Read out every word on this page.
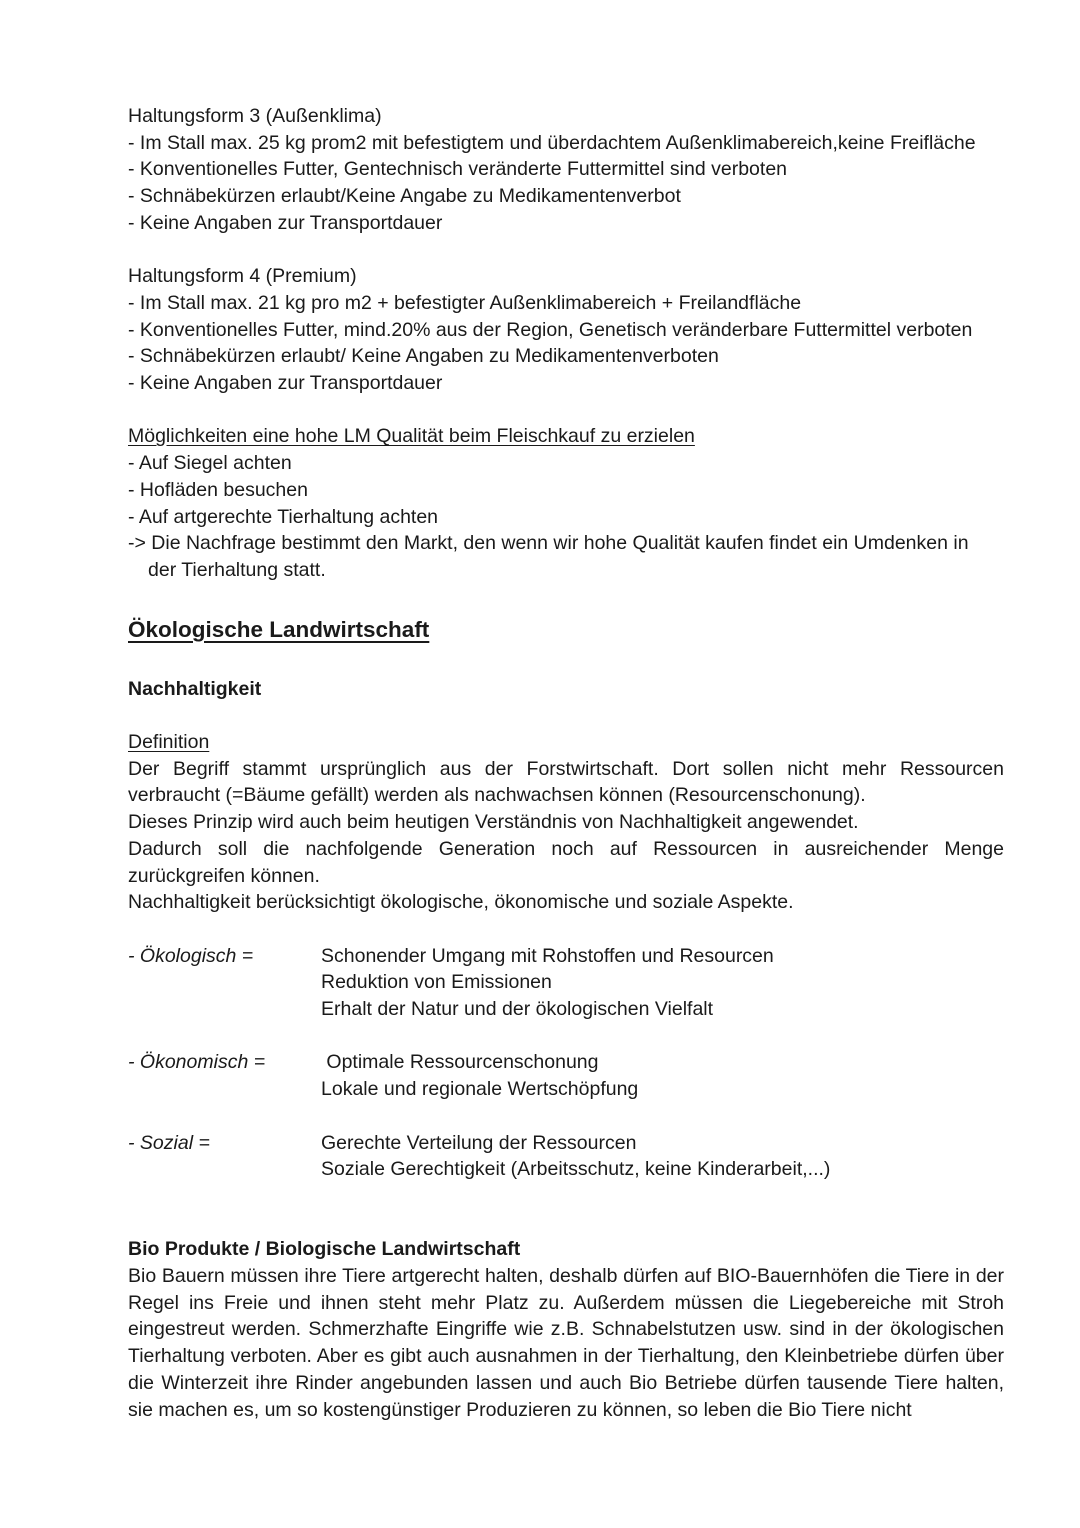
Haltungsform 3 (Außenklima)
- Im Stall max. 25 kg prom2 mit befestigtem und überdachtem Außenklimabereich,keine Freifläche
- Konventionelles Futter, Gentechnisch veränderte Futtermittel sind verboten
- Schnäbekürzen erlaubt/Keine Angabe zu Medikamentenverbot
- Keine Angaben zur Transportdauer
Haltungsform 4 (Premium)
- Im Stall max. 21 kg pro m2 + befestigter Außenklimabereich + Freilandfläche
- Konventionelles Futter, mind.20% aus der Region, Genetisch veränderbare Futtermittel verboten
- Schnäbekürzen erlaubt/ Keine Angaben zu Medikamentenverboten
- Keine Angaben zur Transportdauer
Möglichkeiten eine hohe LM Qualität beim Fleischkauf zu erzielen
- Auf Siegel achten
- Hofläden besuchen
- Auf artgerechte Tierhaltung achten
-> Die Nachfrage bestimmt den Markt, den wenn wir hohe Qualität kaufen findet ein Umdenken in
der Tierhaltung statt.
Ökologische Landwirtschaft
Nachhaltigkeit
Definition
Der Begriff stammt ursprünglich aus der Forstwirtschaft. Dort sollen nicht mehr Ressourcen
verbraucht (=Bäume gefällt) werden als nachwachsen können (Resourcenschonung).
Dieses Prinzip wird auch beim heutigen Verständnis von Nachhaltigkeit angewendet.
Dadurch soll die nachfolgende Generation noch auf Ressourcen in ausreichender Menge
zurückgreifen können.
Nachhaltigkeit berücksichtigt ökologische, ökonomische und soziale Aspekte.
- Ökologisch =	Schonender Umgang mit Rohstoffen und Resourcen
Reduktion von Emissionen
Erhalt der Natur und der ökologischen Vielfalt
- Ökonomisch =	Optimale Ressourcenschonung
Lokale und regionale Wertschöpfung
- Sozial =	Gerechte Verteilung der Ressourcen
Soziale Gerechtigkeit (Arbeitsschutz, keine Kinderarbeit,...)
Bio Produkte / Biologische Landwirtschaft

Bio Bauern müssen ihre Tiere artgerecht halten, deshalb dürfen auf BIO-Bauernhöfen die Tiere in der Regel ins Freie und ihnen steht mehr Platz zu. Außerdem müssen die Liegebereiche mit Stroh eingestreut werden. Schmerzhafte Eingriffe wie z.B. Schnabelstutzen usw. sind in der ökologischen Tierhaltung verboten. Aber es gibt auch ausnahmen in der Tierhaltung, den Kleinbetriebe dürfen über die Winterzeit ihre Rinder angebunden lassen und auch Bio Betriebe dürfen tausende Tiere halten, sie machen es, um so kostengünstiger Produzieren zu können, so leben die Bio Tiere nicht
